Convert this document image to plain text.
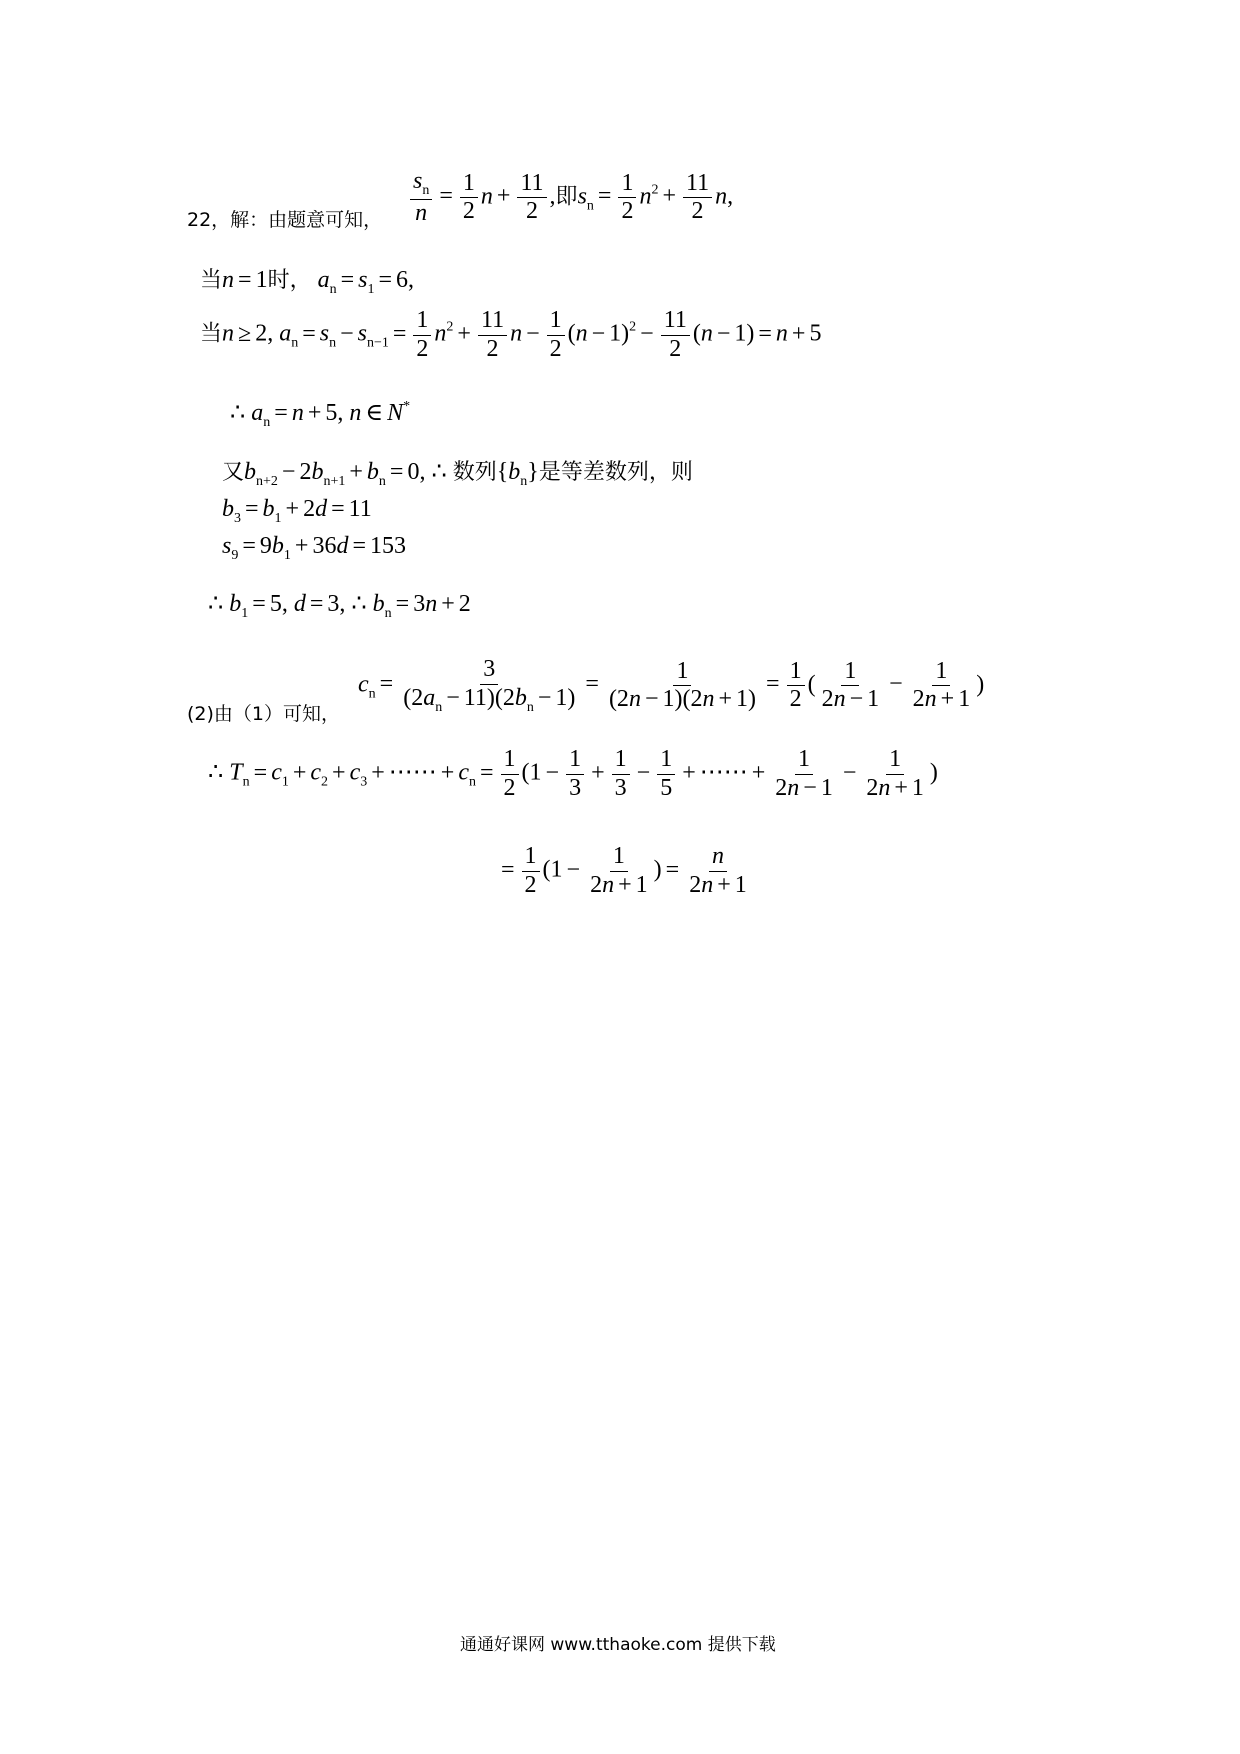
22，解：由题意可知， $\frac{s_n}{n} = \frac{1}{2}$ $n + \frac{11}{2}$ ,即$s_n = \frac{1}{2} n^2 + \frac{11}{2} n$,
当n = 1时， $a_n = s_1 = 6$,
当n ≥ 2, $a_n = s_n - s_{n-1} = \frac{1}{2} n^2 + \frac{11}{2}$ $n - \frac{1}{2} (n - 1)^2 - \frac{11}{2} (n - 1) = n + 5$
∴ $a_n = n + 5$, n ∈ N*
又$b_{n+2} - 2b_{n+1} + b_n = 0$, ∴ 数列$\{b_n\}$是等差数列，则
$b_3 = b_1 + 2d = 11$
$s_9 = 9b_1 + 36d = 153$
∴ $b_1 = 5$, d = 3, ∴ $b_n = 3n + 2$
(2)由（1）可知，
$c_n = \frac{3}{(2a_n - 11)(2b_n - 1)} = \frac{1}{(2n - 1)(2n + 1)} = \frac{1}{2}$ ( $\frac{1}{2n - 1} - \frac{1}{2n + 1}$ )
∴ $T_n = c_1 + c_2 + c_3$ + ⋯⋯ + $c_n = \frac{1}{2} (1 - \frac{1}{3} + \frac{1}{3} - \frac{1}{5}$ + ⋯⋯ + $\frac{1}{2n - 1} - \frac{1}{2n + 1}$ )
= $\frac{1}{2} (1 - \frac{1}{2n + 1}$ ) = $\frac{n}{2n + 1}$
通通好课网 www.tthaoke.com 提供下载
